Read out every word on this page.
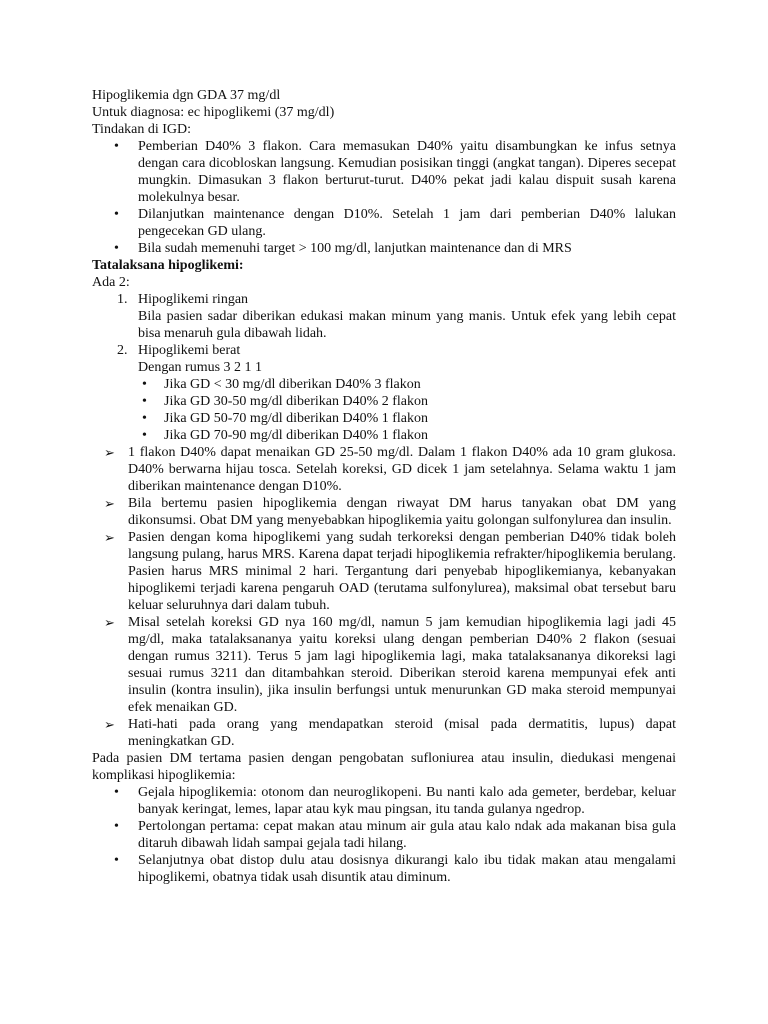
Hipoglikemia dgn GDA 37 mg/dl

Untuk diagnosa: ec hipoglikemi (37 mg/dl)

Tindakan di IGD:

• Pemberian D40% 3 flakon. Cara memasukan D40% yaitu disambungkan ke infus setnya dengan cara dicobloskan langsung. Kemudian posisikan tinggi (angkat tangan). Diperes secepat mungkin. Dimasukan 3 flakon berturut-turut. D40% pekat jadi kalau dispuit susah karena molekulnya besar.

• Dilanjutkan maintenance dengan D10%. Setelah 1 jam dari pemberian D40% lalukan pengecekan GD ulang.

• Bila sudah memenuhi target > 100 mg/dl, lanjutkan maintenance dan di MRS

Tatalaksana hipoglikemi:

Ada 2:

1. Hipoglikemi ringan

Bila pasien sadar diberikan edukasi makan minum yang manis. Untuk efek yang lebih cepat bisa menaruh gula dibawah lidah.

2. Hipoglikemi berat

Dengan rumus 3 2 1 1

• Jika GD < 30 mg/dl diberikan D40% 3 flakon

• Jika GD 30-50 mg/dl diberikan D40% 2 flakon

• Jika GD 50-70 mg/dl diberikan D40% 1 flakon

• Jika GD 70-90 mg/dl diberikan D40% 1 flakon

➢ 1 flakon D40% dapat menaikan GD 25-50 mg/dl. Dalam 1 flakon D40% ada 10 gram glukosa. D40% berwarna hijau tosca. Setelah koreksi, GD dicek 1 jam setelahnya. Selama waktu 1 jam diberikan maintenance dengan D10%.

➢ Bila bertemu pasien hipoglikemia dengan riwayat DM harus tanyakan obat DM yang dikonsumsi. Obat DM yang menyebabkan hipoglikemia yaitu golongan sulfonylurea dan insulin.

➢ Pasien dengan koma hipoglikemi yang sudah terkoreksi dengan pemberian D40% tidak boleh langsung pulang, harus MRS. Karena dapat terjadi hipoglikemia refrakter/hipoglikemia berulang. Pasien harus MRS minimal 2 hari. Tergantung dari penyebab hipoglikemianya, kebanyakan hipoglikemi terjadi karena pengaruh OAD (terutama sulfonylurea), maksimal obat tersebut baru keluar seluruhnya dari dalam tubuh.

➢ Misal setelah koreksi GD nya 160 mg/dl, namun 5 jam kemudian hipoglikemia lagi jadi 45 mg/dl, maka tatalaksananya yaitu koreksi ulang dengan pemberian D40% 2 flakon (sesuai dengan rumus 3211). Terus 5 jam lagi hipoglikemia lagi, maka tatalaksananya dikoreksi lagi sesuai rumus 3211 dan ditambahkan steroid. Diberikan steroid karena mempunyai efek anti insulin (kontra insulin), jika insulin berfungsi untuk menurunkan GD maka steroid mempunyai efek menaikan GD.

➢ Hati-hati pada orang yang mendapatkan steroid (misal pada dermatitis, lupus) dapat meningkatkan GD.

Pada pasien DM tertama pasien dengan pengobatan sufloniurea atau insulin, diedukasi mengenai komplikasi hipoglikemia:

• Gejala hipoglikemia: otonom dan neuroglikopeni. Bu nanti kalo ada gemeter, berdebar, keluar banyak keringat, lemes, lapar atau kyk mau pingsan, itu tanda gulanya ngedrop.

• Pertolongan pertama: cepat makan atau minum air gula atau kalo ndak ada makanan bisa gula ditaruh dibawah lidah sampai gejala tadi hilang.

• Selanjutnya obat distop dulu atau dosisnya dikurangi kalo ibu tidak makan atau mengalami hipoglikemi, obatnya tidak usah disuntik atau diminum.
